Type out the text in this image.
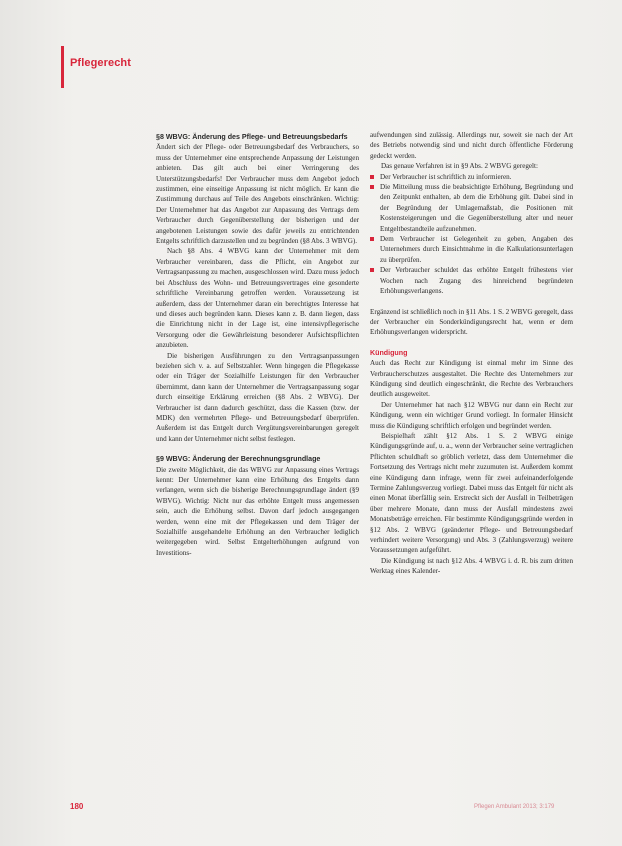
Pflegerecht
§8 WBVG: Änderung des Pflege- und Betreuungsbedarfs

Ändert sich der Pflege- oder Betreuungsbedarf des Verbrauchers, so muss der Unternehmer eine entsprechende Anpassung der Leistungen anbieten. Das gilt auch bei einer Verringerung des Unterstützungsbedarfs! Der Verbraucher muss dem Angebot jedoch zustimmen, eine einseitige Anpassung ist nicht möglich. Er kann die Zustimmung durchaus auf Teile des Angebots einschränken. Wichtig: Der Unternehmer hat das Angebot zur Anpassung des Vertrags dem Verbraucher durch Gegenüberstellung der bisherigen und der angebotenen Leistungen sowie des dafür jeweils zu entrichtenden Entgelts schriftlich darzustellen und zu begründen (§8 Abs. 3 WBVG).

Nach §8 Abs. 4 WBVG kann der Unternehmer mit dem Verbraucher vereinbaren, dass die Pflicht, ein Angebot zur Vertragsanpassung zu machen, ausgeschlossen wird. Dazu muss jedoch bei Abschluss des Wohn- und Betreuungsvertrages eine gesonderte schriftliche Vereinbarung getroffen werden. Voraussetzung ist außerdem, dass der Unternehmer daran ein berechtigtes Interesse hat und dieses auch begründen kann. Dieses kann z. B. dann liegen, dass die Einrichtung nicht in der Lage ist, eine intensivpflegerische Versorgung oder die Gewährleistung besonderer Aufsichtspflichten anzubieten.

Die bisherigen Ausführungen zu den Vertragsanpassungen beziehen sich v. a. auf Selbstzahler. Wenn hingegen die Pflegekasse oder ein Träger der Sozialhilfe Leistungen für den Verbraucher übernimmt, dann kann der Unternehmer die Vertragsanpassung sogar durch einseitige Erklärung erreichen (§8 Abs. 2 WBVG). Der Verbraucher ist dann dadurch geschützt, dass die Kassen (bzw. der MDK) den vermehrten Pflege- und Betreuungsbedarf überprüfen. Außerdem ist das Entgelt durch Vergütungsvereinbarungen geregelt und kann der Unternehmer nicht selbst festlegen.

§9 WBVG: Änderung der Berechnungsgrundlage

Die zweite Möglichkeit, die das WBVG zur Anpassung eines Vertrags kennt: Der Unternehmer kann eine Erhöhung des Entgelts dann verlangen, wenn sich die bisherige Berechnungsgrundlage ändert (§9 WBVG). Wichtig: Nicht nur das erhöhte Entgelt muss angemessen sein, auch die Erhöhung selbst. Davon darf jedoch ausgegangen werden, wenn eine mit der Pflegekassen und dem Träger der Sozialhilfe ausgehandelte Erhöhung an den Verbraucher lediglich weitergegeben wird. Selbst Entgelterhöhungen aufgrund von Investitions-

aufwendungen sind zulässig. Allerdings nur, soweit sie nach der Art des Betriebs notwendig sind und nicht durch öffentliche Förderung gedeckt werden.

Das genaue Verfahren ist in §9 Abs. 2 WBVG geregelt:

Der Verbraucher ist schriftlich zu informieren.
Die Mitteilung muss die beabsichtigte Erhöhung, Begründung und den Zeitpunkt enthalten, ab dem die Erhöhung gilt. Dabei sind in der Begründung der Umlagemaßstab, die Positionen mit Kostensteigerungen und die Gegenüberstellung alter und neuer Entgeltbestandteile aufzunehmen.
Dem Verbraucher ist Gelegenheit zu geben, Angaben des Unternehmers durch Einsichtnahme in die Kalkulationsunterlagen zu überprüfen.
Der Verbraucher schuldet das erhöhte Entgelt frühestens vier Wochen nach Zugang des hinreichend begründeten Erhöhungsverlangens.

Ergänzend ist schließlich noch in §11 Abs. 1 S. 2 WBVG geregelt, dass der Verbraucher ein Sonderkündigungsrecht hat, wenn er dem Erhöhungsverlangen widerspricht.

Kündigung

Auch das Recht zur Kündigung ist einmal mehr im Sinne des Verbraucherschutzes ausgestaltet. Die Rechte des Unternehmers zur Kündigung sind deutlich eingeschränkt, die Rechte des Verbrauchers deutlich ausgeweitet.

Der Unternehmer hat nach §12 WBVG nur dann ein Recht zur Kündigung, wenn ein wichtiger Grund vorliegt. In formaler Hinsicht muss die Kündigung schriftlich erfolgen und begründet werden.

Beispielhaft zählt §12 Abs. 1 S. 2 WBVG einige Kündigungsgründe auf, u. a., wenn der Verbraucher seine vertraglichen Pflichten schuldhaft so gröblich verletzt, dass dem Unternehmer die Fortsetzung des Vertrags nicht mehr zuzumuten ist. Außerdem kommt eine Kündigung dann infrage, wenn für zwei aufeinanderfolgende Termine Zahlungsverzug vorliegt. Dabei muss das Entgelt für nicht als einen Monat überfällig sein. Erstreckt sich der Ausfall in Teilbeträgen über mehrere Monate, dann muss der Ausfall mindestens zwei Monatsbeträge erreichen. Für bestimmte Kündigungsgründe werden in §12 Abs. 2 WBVG (geänderter Pflege- und Betreuungsbedarf verhindert weitere Versorgung) und Abs. 3 (Zahlungsverzug) weitere Voraussetzungen aufgeführt.

Die Kündigung ist nach §12 Abs. 4 WBVG i. d. R. bis zum dritten Werktag eines Kalender-

180	Pflegen Ambulant 2013; 3:179
